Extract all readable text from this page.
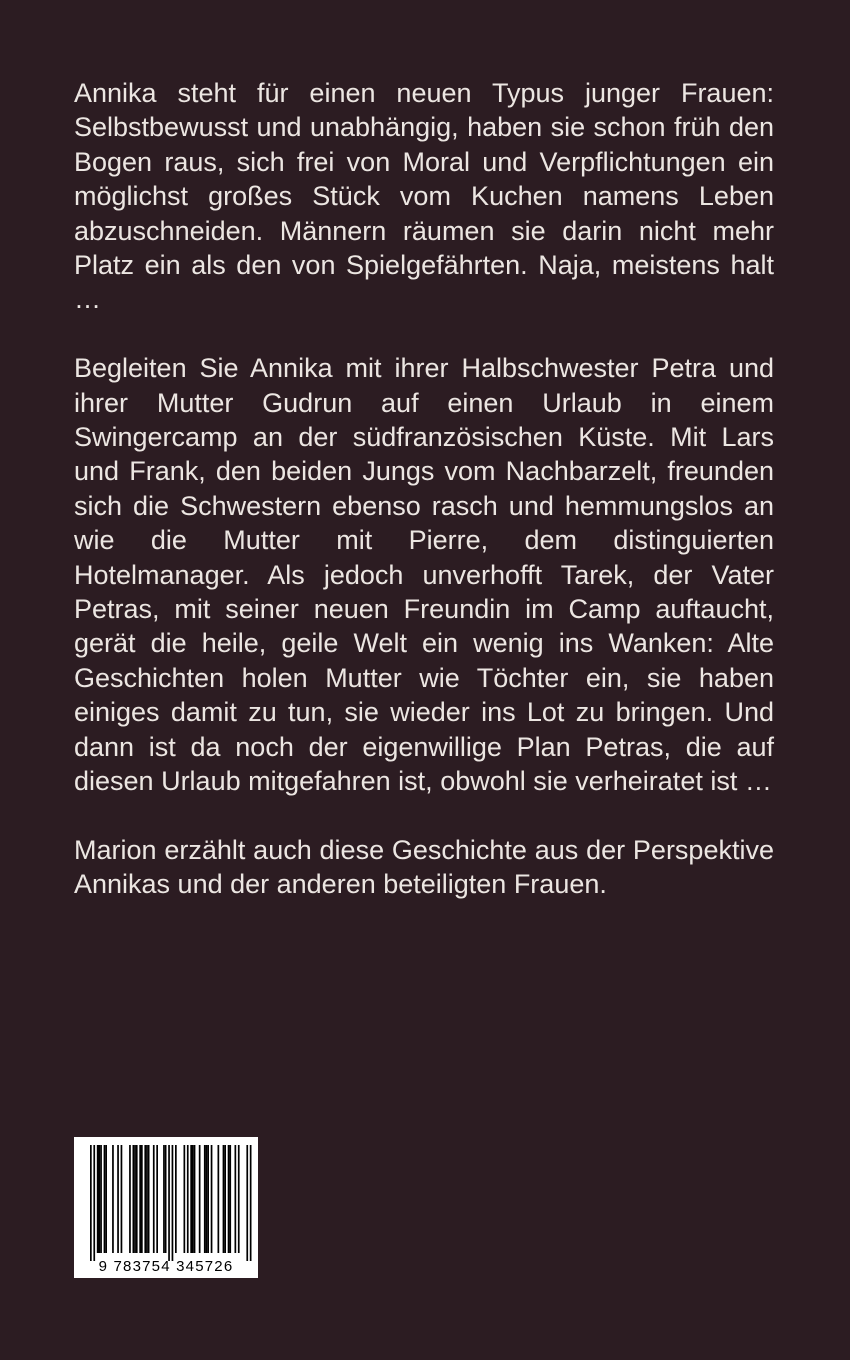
Annika steht für einen neuen Typus junger Frauen: Selbstbewusst und unabhängig, haben sie schon früh den Bogen raus, sich frei von Moral und Verpflichtungen ein möglichst großes Stück vom Kuchen namens Leben abzuschneiden. Männern räumen sie darin nicht mehr Platz ein als den von Spielgefährten. Naja, meistens halt …

Begleiten Sie Annika mit ihrer Halbschwester Petra und ihrer Mutter Gudrun auf einen Urlaub in einem Swingercamp an der südfranzösischen Küste. Mit Lars und Frank, den beiden Jungs vom Nachbarzelt, freunden sich die Schwestern ebenso rasch und hemmungslos an wie die Mutter mit Pierre, dem distinguierten Hotelmanager. Als jedoch unverhofft Tarek, der Vater Petras, mit seiner neuen Freundin im Camp auftaucht, gerät die heile, geile Welt ein wenig ins Wanken: Alte Geschichten holen Mutter wie Töchter ein, sie haben einiges damit zu tun, sie wieder ins Lot zu bringen. Und dann ist da noch der eigenwillige Plan Petras, die auf diesen Urlaub mitgefahren ist, obwohl sie verheiratet ist …

Marion erzählt auch diese Geschichte aus der Perspektive Annikas und der anderen beteiligten Frauen.

9 783754 345726
